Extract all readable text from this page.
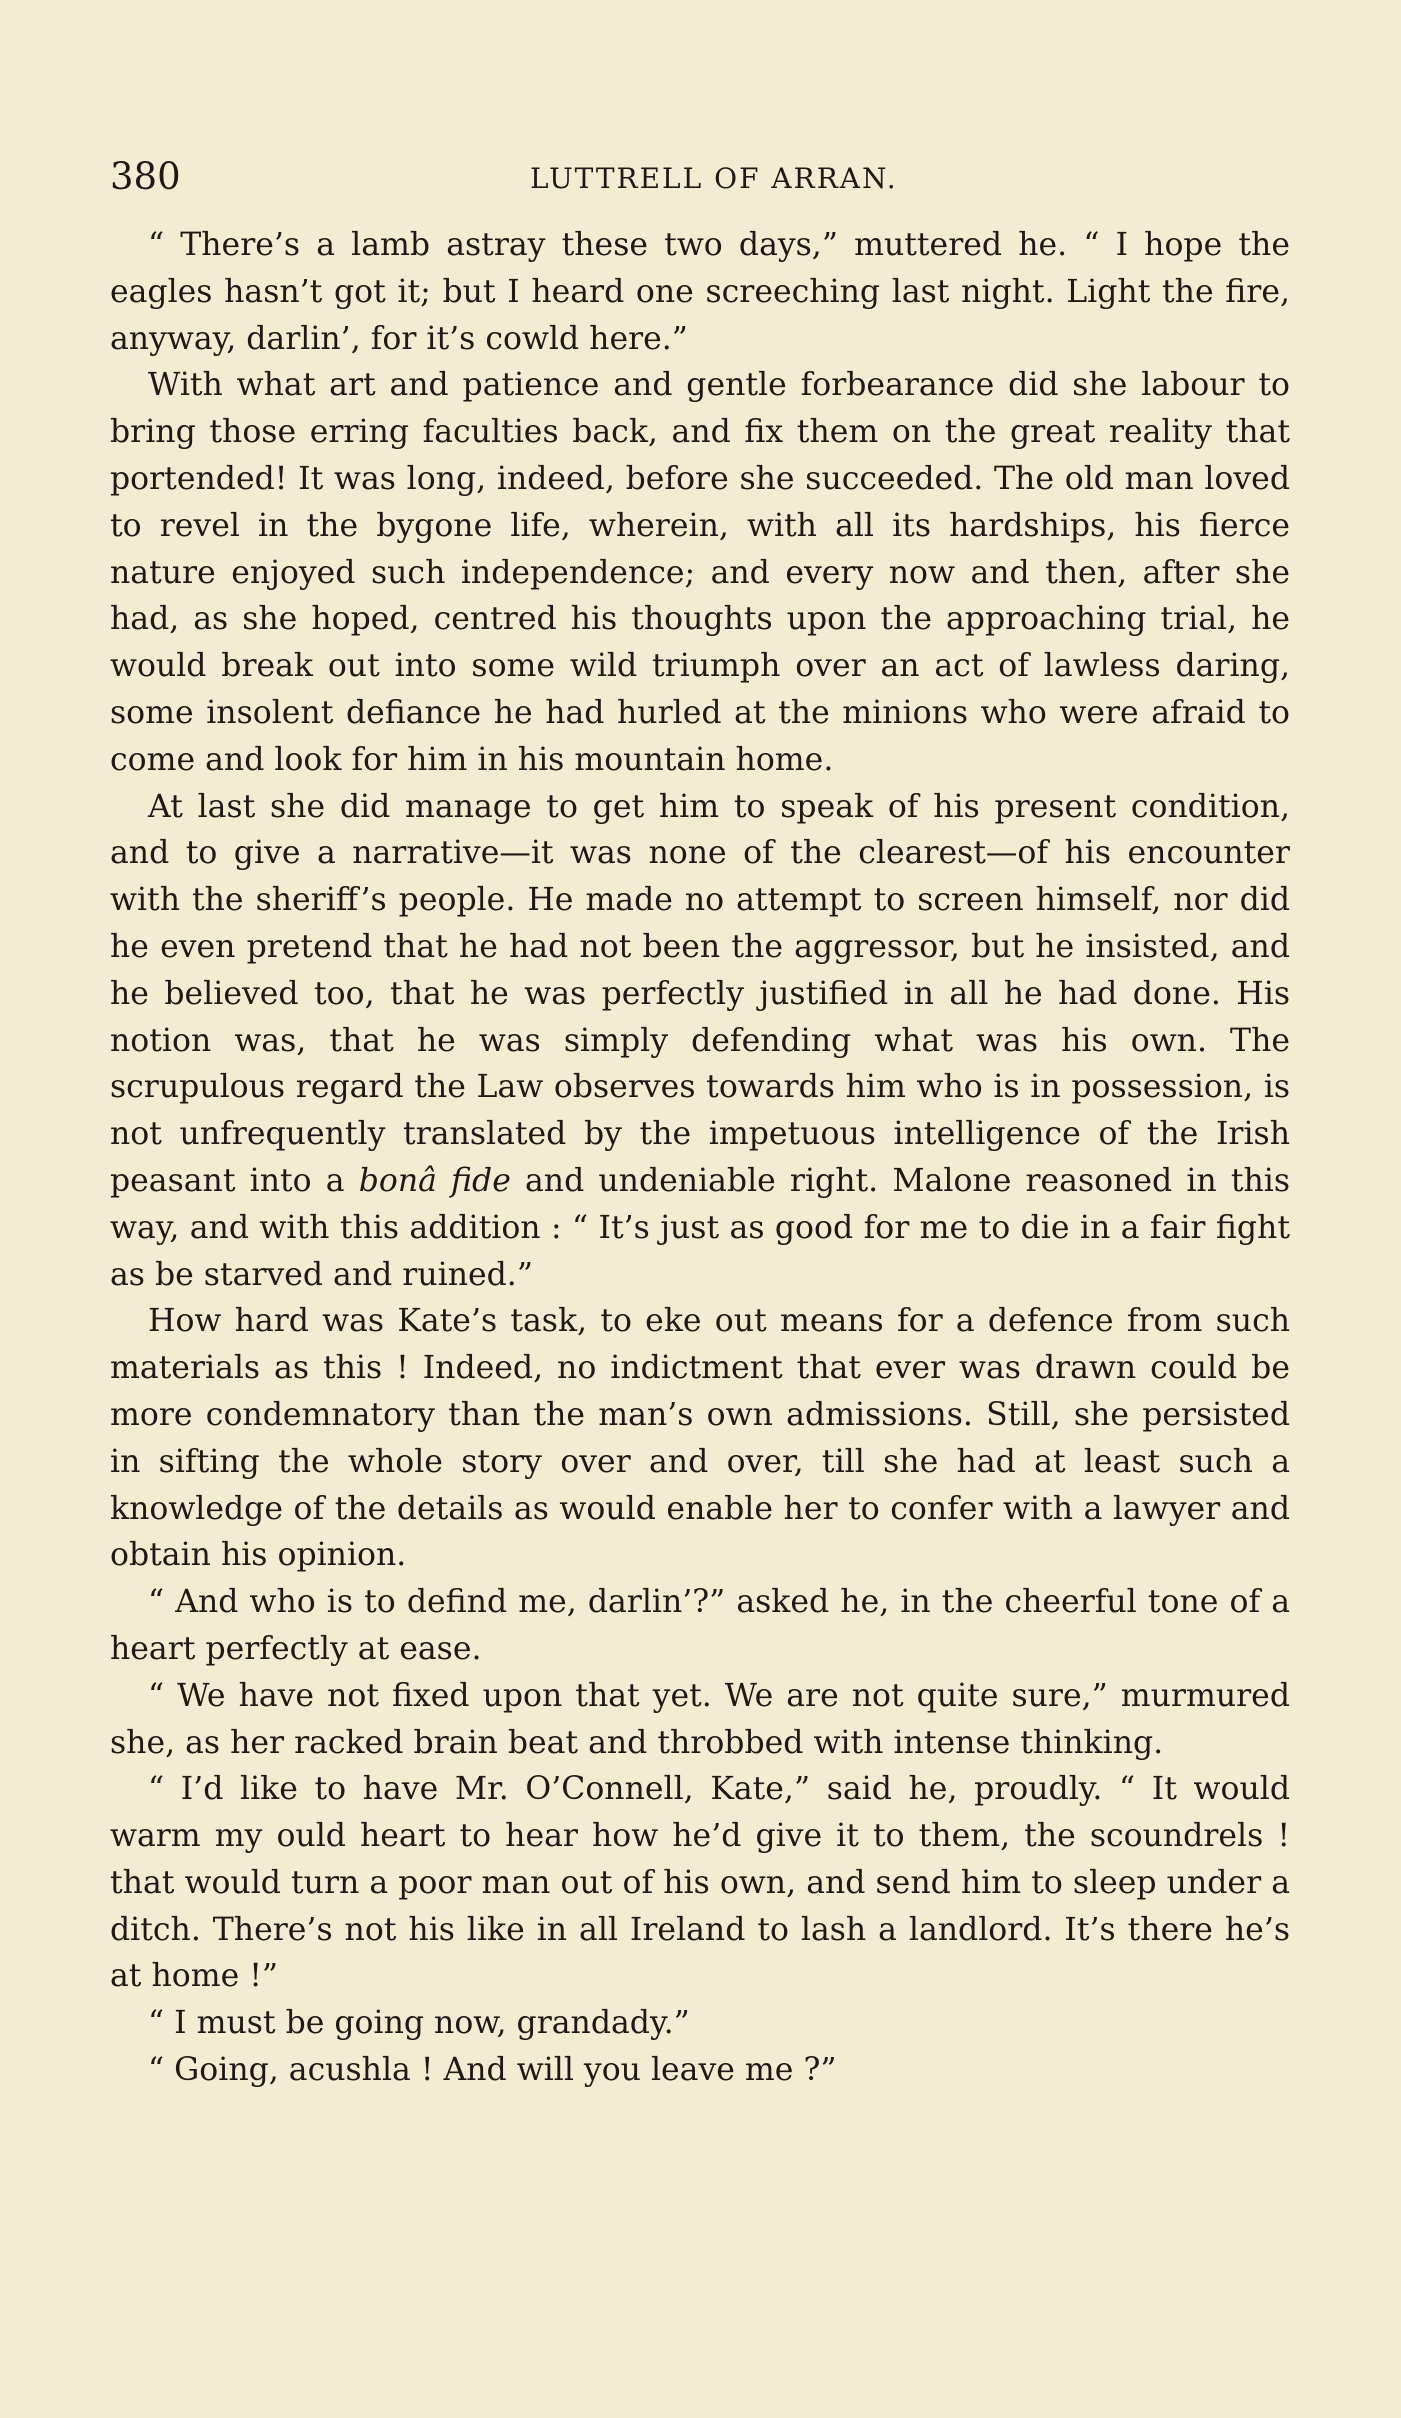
380	LUTTRELL OF ARRAN.

“ There’s a lamb astray these two days,” muttered he. “ I hope the eagles hasn’t got it; but I heard one screeching last night. Light the fire, anyway, darlin’, for it’s cowld here.”

With what art and patience and gentle forbearance did she labour to bring those erring faculties back, and fix them on the great reality that portended! It was long, indeed, before she succeeded. The old man loved to revel in the bygone life, wherein, with all its hardships, his fierce nature enjoyed such independence; and every now and then, after she had, as she hoped, centred his thoughts upon the approaching trial, he would break out into some wild triumph over an act of lawless daring, some insolent defiance he had hurled at the minions who were afraid to come and look for him in his mountain home.

At last she did manage to get him to speak of his present condition, and to give a narrative—it was none of the clearest—of his encounter with the sheriff’s people. He made no attempt to screen himself, nor did he even pretend that he had not been the aggressor, but he insisted, and he believed too, that he was perfectly justified in all he had done. His notion was, that he was simply defending what was his own. The scrupulous regard the Law observes towards him who is in possession, is not unfrequently translated by the impetuous intelligence of the Irish peasant into a bonâ fide and undeniable right. Malone reasoned in this way, and with this addition : “ It’s just as good for me to die in a fair fight as be starved and ruined.”

How hard was Kate’s task, to eke out means for a defence from such materials as this ! Indeed, no indictment that ever was drawn could be more condemnatory than the man’s own admissions. Still, she persisted in sifting the whole story over and over, till she had at least such a knowledge of the details as would enable her to confer with a lawyer and obtain his opinion.

“ And who is to defind me, darlin’?” asked he, in the cheerful tone of a heart perfectly at ease.

“ We have not fixed upon that yet. We are not quite sure,” murmured she, as her racked brain beat and throbbed with intense thinking.

“ I’d like to have Mr. O’Connell, Kate,” said he, proudly. “ It would warm my ould heart to hear how he’d give it to them, the scoundrels ! that would turn a poor man out of his own, and send him to sleep under a ditch. There’s not his like in all Ireland to lash a landlord. It’s there he’s at home !”

“ I must be going now, grandady.”

“ Going, acushla ! And will you leave me ?”
